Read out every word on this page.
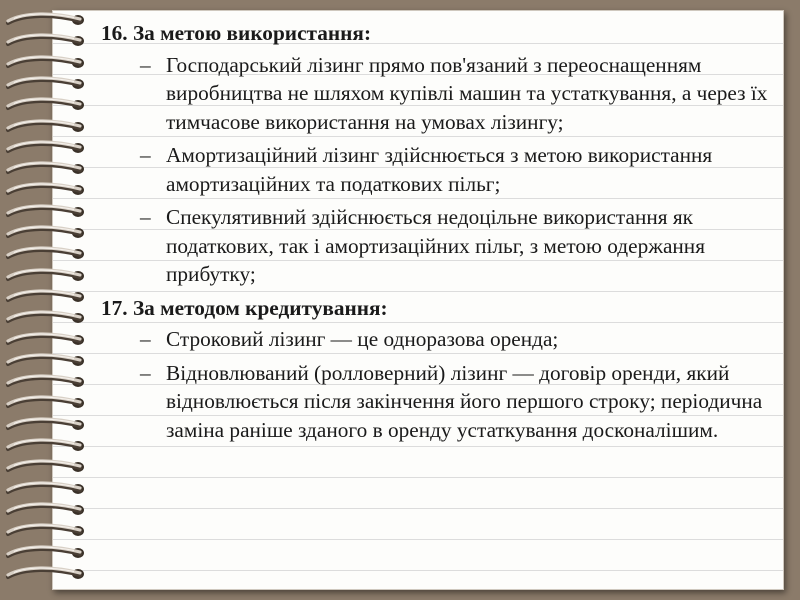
16. За метою використання:
– Господарський лізинг прямо пов'язаний з переоснащенням виробництва не шляхом купівлі машин та устаткування, а через їх тимчасове використання на умовах лізингу;
– Амортизаційний лізинг здійснюється з метою використання амортизаційних та податкових пільг;
– Спекулятивний здійснюється недоцільне використання як податкових, так і амортизаційних пільг, з метою одержання прибутку;
17. За методом кредитування:
– Строковий лізинг — це одноразова оренда;
– Відновлюваний (ролловерний) лізинг — договір оренди, який відновлюється після закінчення його першого строку; періодична заміна раніше зданого в оренду устаткування досконалішим.
